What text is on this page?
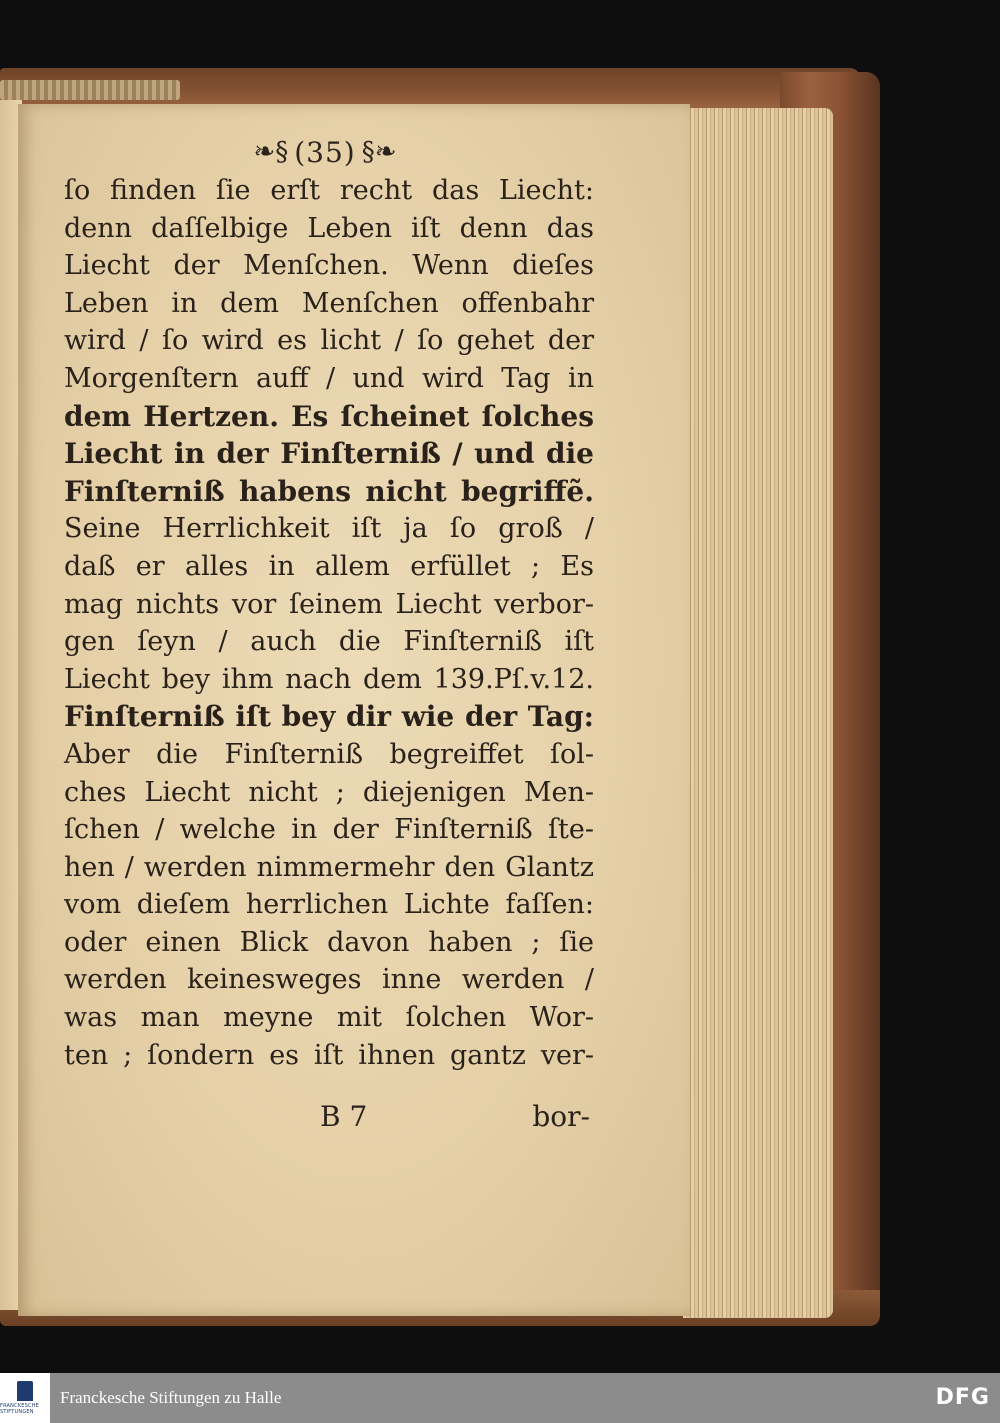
❧§ (35) §❧
ſo finden ſie erſt recht das Liecht:
denn daſſelbige Leben iſt denn das
Liecht der Menſchen. Wenn dieſes
Leben in dem Menſchen offenbahr
wird / ſo wird es licht / ſo gehet der
Morgenſtern auff / und wird Tag in
dem Hertzen. Es ſcheinet ſolches
Liecht in der Finſterniß / und die
Finſterniß habens nicht begriffẽ.
Seine Herrlichkeit iſt ja ſo groß /
daß er alles in allem erfüllet ; Es
mag nichts vor ſeinem Liecht verbor-
gen ſeyn / auch die Finſterniß iſt
Liecht bey ihm nach dem 139.Pſ.v.12.
Finſterniß iſt bey dir wie der Tag:
Aber die Finſterniß begreiffet ſol-
ches Liecht nicht ; diejenigen Men-
ſchen / welche in der Finſterniß ſte-
hen / werden nimmermehr den Glantz
vom dieſem herrlichen Lichte faſſen:
oder einen Blick davon haben ; ſie
werden keinesweges inne werden /
was man meyne mit ſolchen Wor-
ten ; ſondern es iſt ihnen gantz ver-
B 7	bor-
FRANCKESCHE STIFTUNGEN
Franckesche Stiftungen zu Halle	DFG
